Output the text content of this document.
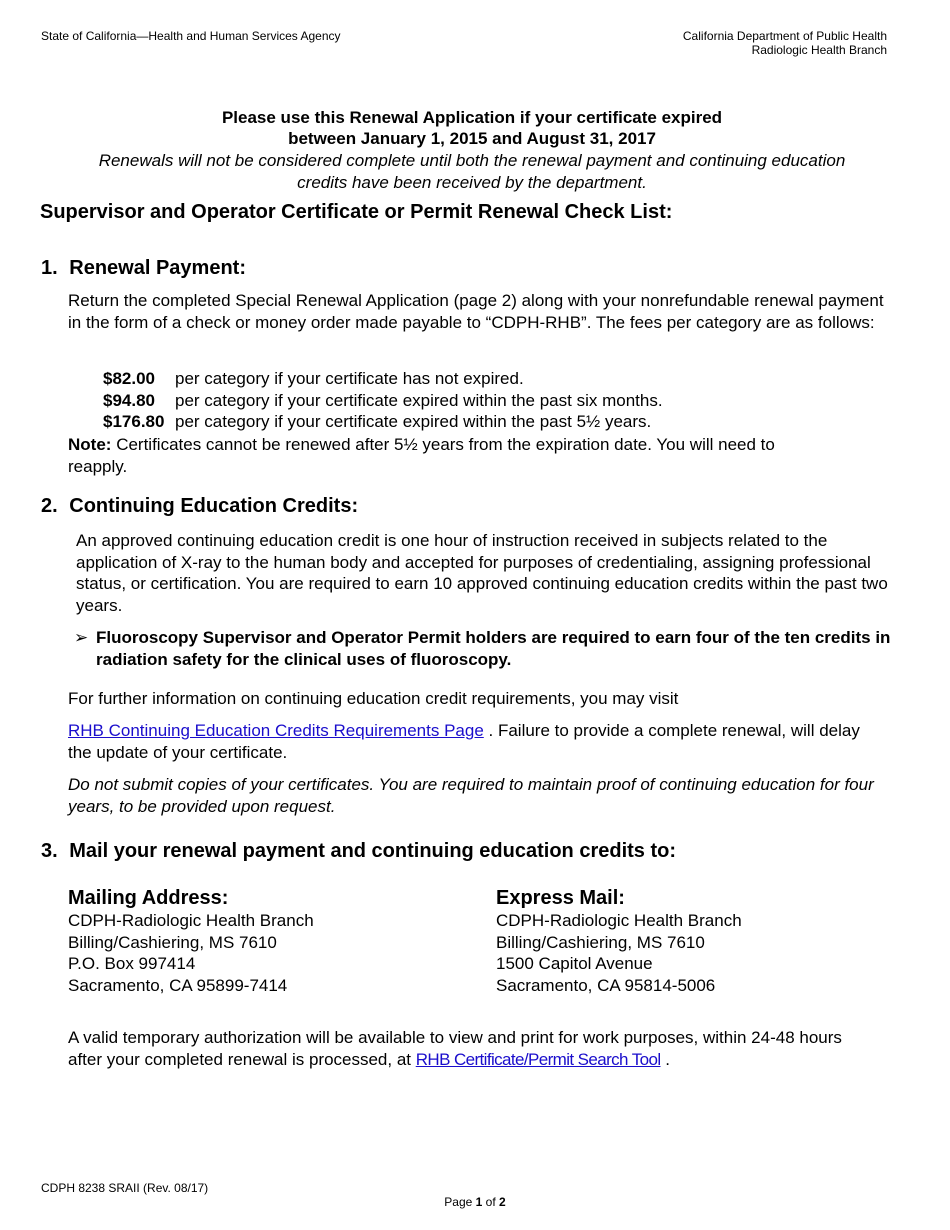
State of California—Health and Human Services Agency	California Department of Public Health
Radiologic Health Branch
Please use this Renewal Application if your certificate expired
between January 1, 2015 and August 31, 2017
Renewals will not be considered complete until both the renewal payment and continuing education
credits have been received by the department.
Supervisor and Operator Certificate or Permit Renewal Check List:
1. Renewal Payment:
Return the completed Special Renewal Application (page 2) along with your nonrefundable renewal payment in the form of a check or money order made payable to “CDPH-RHB”. The fees per category are as follows:
$82.00 per category if your certificate has not expired.
$94.80 per category if your certificate expired within the past six months.
$176.80 per category if your certificate expired within the past 5½ years.
Note: Certificates cannot be renewed after 5½ years from the expiration date. You will need to reapply.
2. Continuing Education Credits:
An approved continuing education credit is one hour of instruction received in subjects related to the application of X-ray to the human body and accepted for purposes of credentialing, assigning professional status, or certification. You are required to earn 10 approved continuing education credits within the past two years.
➢ Fluoroscopy Supervisor and Operator Permit holders are required to earn four of the ten credits in radiation safety for the clinical uses of fluoroscopy.
For further information on continuing education credit requirements, you may visit
RHB Continuing Education Credits Requirements Page . Failure to provide a complete renewal, will delay the update of your certificate.
Do not submit copies of your certificates. You are required to maintain proof of continuing education for four years, to be provided upon request.
3. Mail your renewal payment and continuing education credits to:
Mailing Address:
CDPH-Radiologic Health Branch
Billing/Cashiering, MS 7610
P.O. Box 997414
Sacramento, CA 95899-7414
Express Mail:
CDPH-Radiologic Health Branch
Billing/Cashiering, MS 7610
1500 Capitol Avenue
Sacramento, CA 95814-5006
A valid temporary authorization will be available to view and print for work purposes, within 24-48 hours after your completed renewal is processed, at RHB Certificate/Permit Search Tool .
CDPH 8238 SRAII (Rev. 08/17)
Page 1 of 2
